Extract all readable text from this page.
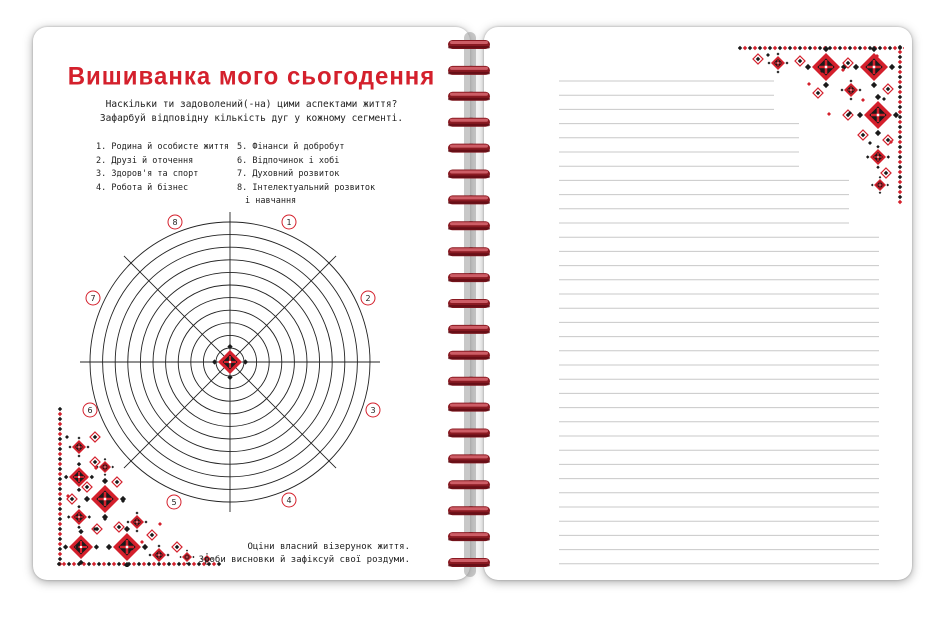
Вишиванка мого сьогодення
Наскільки ти задоволений(-на) цими аспектами життя?
Зафарбуй відповідну кількість дуг у кожному сегменті.
1. Родина й особисте життя
2. Друзі й оточення
3. Здоров'я та спорт
4. Робота й бізнес
5. Фінанси й добробут
6. Відпочинок і хобі
7. Духовний розвиток
8. Інтелектуальний розвиток
і навчання
Оціни власний візерунок життя.
Зроби висновки й зафіксуй свої роздуми.
1
2
3
4
5
6
7
8
